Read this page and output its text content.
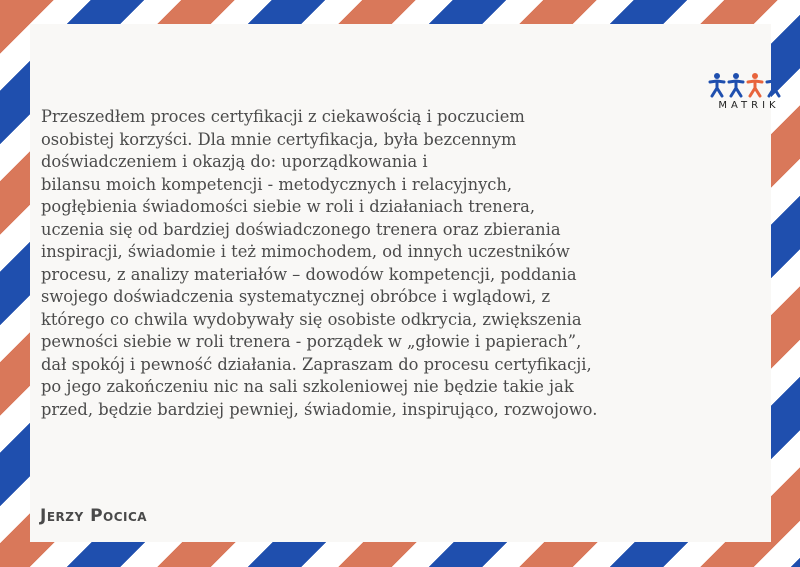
MATRIK

Przeszedłem proces certyfikacji z ciekawością i poczuciem
osobistej korzyści. Dla mnie certyfikacja, była bezcennym
doświadczeniem i okazją do: uporządkowania i
bilansu moich kompetencji - metodycznych i relacyjnych,
pogłębienia świadomości siebie w roli i działaniach trenera,
uczenia się od bardziej doświadczonego trenera oraz zbierania
inspiracji, świadomie i też mimochodem, od innych uczestników
procesu, z analizy materiałów – dowodów kompetencji, poddania
swojego doświadczenia systematycznej obróbce i wglądowi, z
którego co chwila wydobywały się osobiste odkrycia, zwiększenia
pewności siebie w roli trenera - porządek w „głowie i papierach”,
dał spokój i pewność działania. Zapraszam do procesu certyfikacji,
po jego zakończeniu nic na sali szkoleniowej nie będzie takie jak
przed, będzie bardziej pewniej, świadomie, inspirująco, rozwojowo.

Jerzy Pocica
